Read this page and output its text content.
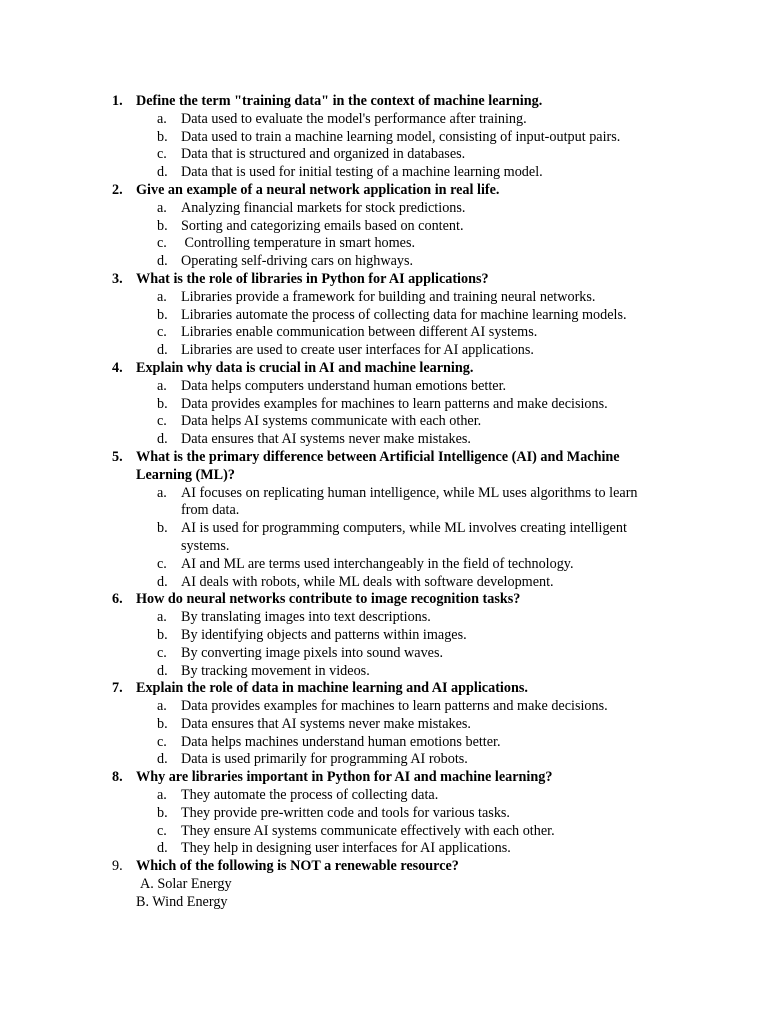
1. Define the term "training data" in the context of machine learning.
a. Data used to evaluate the model's performance after training.
b. Data used to train a machine learning model, consisting of input-output pairs.
c. Data that is structured and organized in databases.
d. Data that is used for initial testing of a machine learning model.
2. Give an example of a neural network application in real life.
a. Analyzing financial markets for stock predictions.
b. Sorting and categorizing emails based on content.
c. Controlling temperature in smart homes.
d. Operating self-driving cars on highways.
3. What is the role of libraries in Python for AI applications?
a. Libraries provide a framework for building and training neural networks.
b. Libraries automate the process of collecting data for machine learning models.
c. Libraries enable communication between different AI systems.
d. Libraries are used to create user interfaces for AI applications.
4. Explain why data is crucial in AI and machine learning.
a. Data helps computers understand human emotions better.
b. Data provides examples for machines to learn patterns and make decisions.
c. Data helps AI systems communicate with each other.
d. Data ensures that AI systems never make mistakes.
5. What is the primary difference between Artificial Intelligence (AI) and Machine Learning (ML)?
a. AI focuses on replicating human intelligence, while ML uses algorithms to learn from data.
b. AI is used for programming computers, while ML involves creating intelligent systems.
c. AI and ML are terms used interchangeably in the field of technology.
d. AI deals with robots, while ML deals with software development.
6. How do neural networks contribute to image recognition tasks?
a. By translating images into text descriptions.
b. By identifying objects and patterns within images.
c. By converting image pixels into sound waves.
d. By tracking movement in videos.
7. Explain the role of data in machine learning and AI applications.
a. Data provides examples for machines to learn patterns and make decisions.
b. Data ensures that AI systems never make mistakes.
c. Data helps machines understand human emotions better.
d. Data is used primarily for programming AI robots.
8. Why are libraries important in Python for AI and machine learning?
a. They automate the process of collecting data.
b. They provide pre-written code and tools for various tasks.
c. They ensure AI systems communicate effectively with each other.
d. They help in designing user interfaces for AI applications.
9. Which of the following is NOT a renewable resource?
A. Solar Energy
B. Wind Energy
